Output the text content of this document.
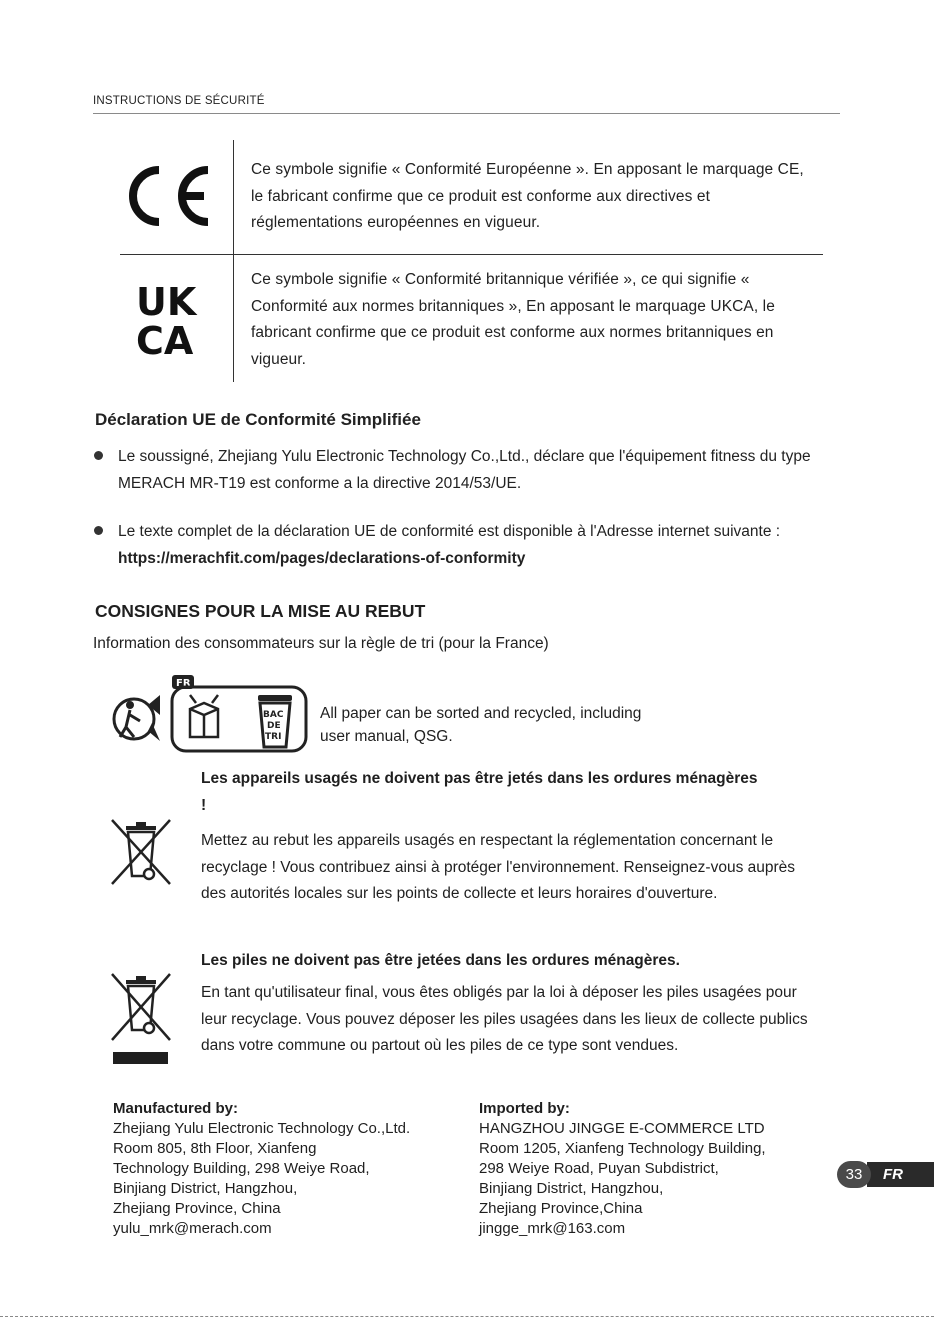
INSTRUCTIONS DE SÉCURITÉ
Ce symbole signifie « Conformité Européenne ». En apposant le marquage CE, le fabricant confirme que ce produit est conforme aux directives et réglementations européennes en vigueur.
UK
CA
Ce symbole signifie « Conformité britannique vérifiée », ce qui signifie « Conformité aux normes britanniques », En apposant le marquage UKCA, le fabricant confirme que ce produit est conforme aux normes britanniques en vigueur.
Déclaration UE de Conformité Simplifiée
Le soussigné, Zhejiang Yulu Electronic Technology Co.,Ltd., déclare que l'équipement fitness du type MERACH MR-T19 est conforme a la directive 2014/53/UE.
Le texte complet de la déclaration UE de conformité est disponible à l'Adresse internet suivante : https://merachfit.com/pages/declarations-of-conformity
CONSIGNES POUR LA MISE AU REBUT
Information des consommateurs sur la règle de tri (pour la France)
FR
BAC
DE
TRI
All paper can be sorted and recycled, including
user manual, QSG.
Les appareils usagés ne doivent pas être jetés dans les ordures ménagères !
Mettez au rebut les appareils usagés en respectant la réglementation concernant le recyclage ! Vous contribuez ainsi à protéger l'environnement. Renseignez-vous auprès des autorités locales sur les points de collecte et leurs horaires d'ouverture.
Les piles ne doivent pas être jetées dans les ordures ménagères.
En tant qu'utilisateur final, vous êtes obligés par la loi à déposer les piles usagées pour leur recyclage. Vous pouvez déposer les piles usagées dans les lieux de collecte publics dans votre commune ou partout où les piles de ce type sont vendues.
Manufactured by:
Zhejiang Yulu Electronic Technology Co.,Ltd.
Room 805, 8th Floor, Xianfeng
Technology Building, 298 Weiye Road,
Binjiang District, Hangzhou,
Zhejiang Province, China
yulu_mrk@merach.com
Imported by:
HANGZHOU JINGGE E-COMMERCE LTD
Room 1205, Xianfeng Technology Building,
298 Weiye Road, Puyan Subdistrict,
Binjiang District, Hangzhou,
Zhejiang Province,China
jingge_mrk@163.com
FR
33
